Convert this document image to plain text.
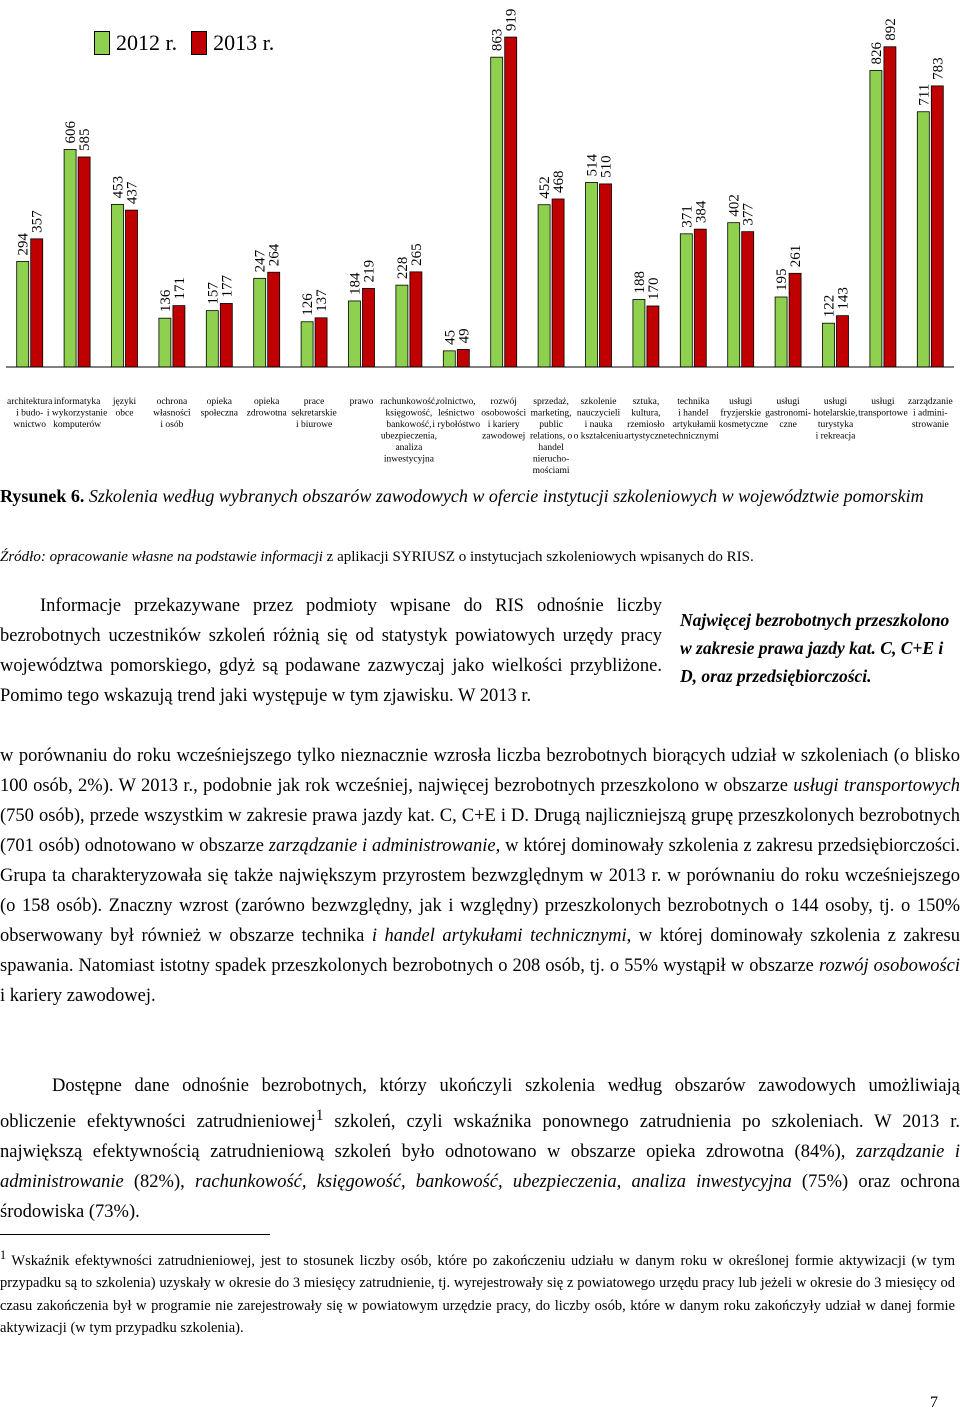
294
357
606
585
453
437
136
171 157
177
247
264
126
137
184
219 228
265
45
49
863
919
452
468
514
510
188
170
371
384 402
377
195
261
122
143
826
892
711
783
architektura
i budo-
wnictwo
informatyka
i wykorzystanie
komputerów
języki
obce
ochrona
własności
i osób
opieka
społeczna
opieka
zdrowotna
prace
sekretarskie
i biurowe
prawo rachunkowość,
księgowość,
bankowość,
ubezpieczenia,
analiza
inwestycyjna
rolnictwo,
leśnictwo
i rybołóstwo
rozwój
osobowości
i kariery
zawodowej
sprzedaż,
marketing,
public
relations, o
handel
nierucho-
mościami
szkolenie
nauczycieli
i nauka
o kształceniu
sztuka,
kultura,
rzemiosło
artystyczne
technika
i handel
artykułami
technicznymi
usługi
fryzjerskie
i kosmetyczne
usługi
gastronomi-
czne
usługi
hotelarskie,
turystyka
i rekreacja
usługi
transportowe
zarządzanie
i admini-
strowanie
2012 r. 2013 r.
Rysunek 6. Szkolenia według wybranych obszarów zawodowych w ofercie instytucji szkoleniowych w województwie pomorskim
Źródło: opracowanie własne na podstawie informacji z aplikacji SYRIUSZ o instytucjach szkoleniowych wpisanych do RIS.
Najwięcej bezrobotnych przeszkolono w zakresie prawa jazdy kat. C, C+E i D, oraz przedsiębiorczości.
Informacje przekazywane przez podmioty wpisane do RIS odnośnie liczby bezrobotnych uczestników szkoleń różnią się od statystyk powiatowych urzędy pracy województwa pomorskiego, gdyż są podawane zazwyczaj jako wielkości przybliżone. Pomimo tego wskazują trend jaki występuje w tym zjawisku. W 2013 r.
w porównaniu do roku wcześniejszego tylko nieznacznie wzrosła liczba bezrobotnych biorących udział w szkoleniach (o blisko 100 osób, 2%). W 2013 r., podobnie jak rok wcześniej, najwięcej bezrobotnych przeszkolono w obszarze usługi transportowych (750 osób), przede wszystkim w zakresie prawa jazdy kat. C, C+E i D. Drugą najliczniejszą grupę przeszkolonych bezrobotnych (701 osób) odnotowano w obszarze zarządzanie i administrowanie, w której dominowały szkolenia z zakresu przedsiębiorczości. Grupa ta charakteryzowała się także największym przyrostem bezwzględnym w 2013 r. w porównaniu do roku wcześniejszego (o 158 osób). Znaczny wzrost (zarówno bezwzględny, jak i względny) przeszkolonych bezrobotnych o 144 osoby, tj. o 150% obserwowany był również w obszarze technika i handel artykułami technicznymi, w której dominowały szkolenia z zakresu spawania. Natomiast istotny spadek przeszkolonych bezrobotnych o 208 osób, tj. o 55% wystąpił w obszarze rozwój osobowości i kariery zawodowej.
Dostępne dane odnośnie bezrobotnych, którzy ukończyli szkolenia według obszarów zawodowych umożliwiają obliczenie efektywności zatrudnieniowej$^1$ szkoleń, czyli wskaźnika ponownego zatrudnienia po szkoleniach. W 2013 r. największą efektywnością zatrudnieniową szkoleń było odnotowano w obszarze opieka zdrowotna (84%), zarządzanie i administrowanie (82%), rachunkowość, księgowość, bankowość, ubezpieczenia, analiza inwestycyjna (75%) oraz ochrona środowiska (73%).
$^1$ Wskaźnik efektywności zatrudnieniowej, jest to stosunek liczby osób, które po zakończeniu udziału w danym roku w określonej formie aktywizacji (w tym przypadku są to szkolenia) uzyskały w okresie do 3 miesięcy zatrudnienie, tj. wyrejestrowały się z powiatowego urzędu pracy lub jeżeli w okresie do 3 miesięcy od czasu zakończenia był w programie nie zarejestrowały się w powiatowym urzędzie pracy, do liczby osób, które w danym roku zakończyły udział w danej formie aktywizacji (w tym przypadku szkolenia).
7
